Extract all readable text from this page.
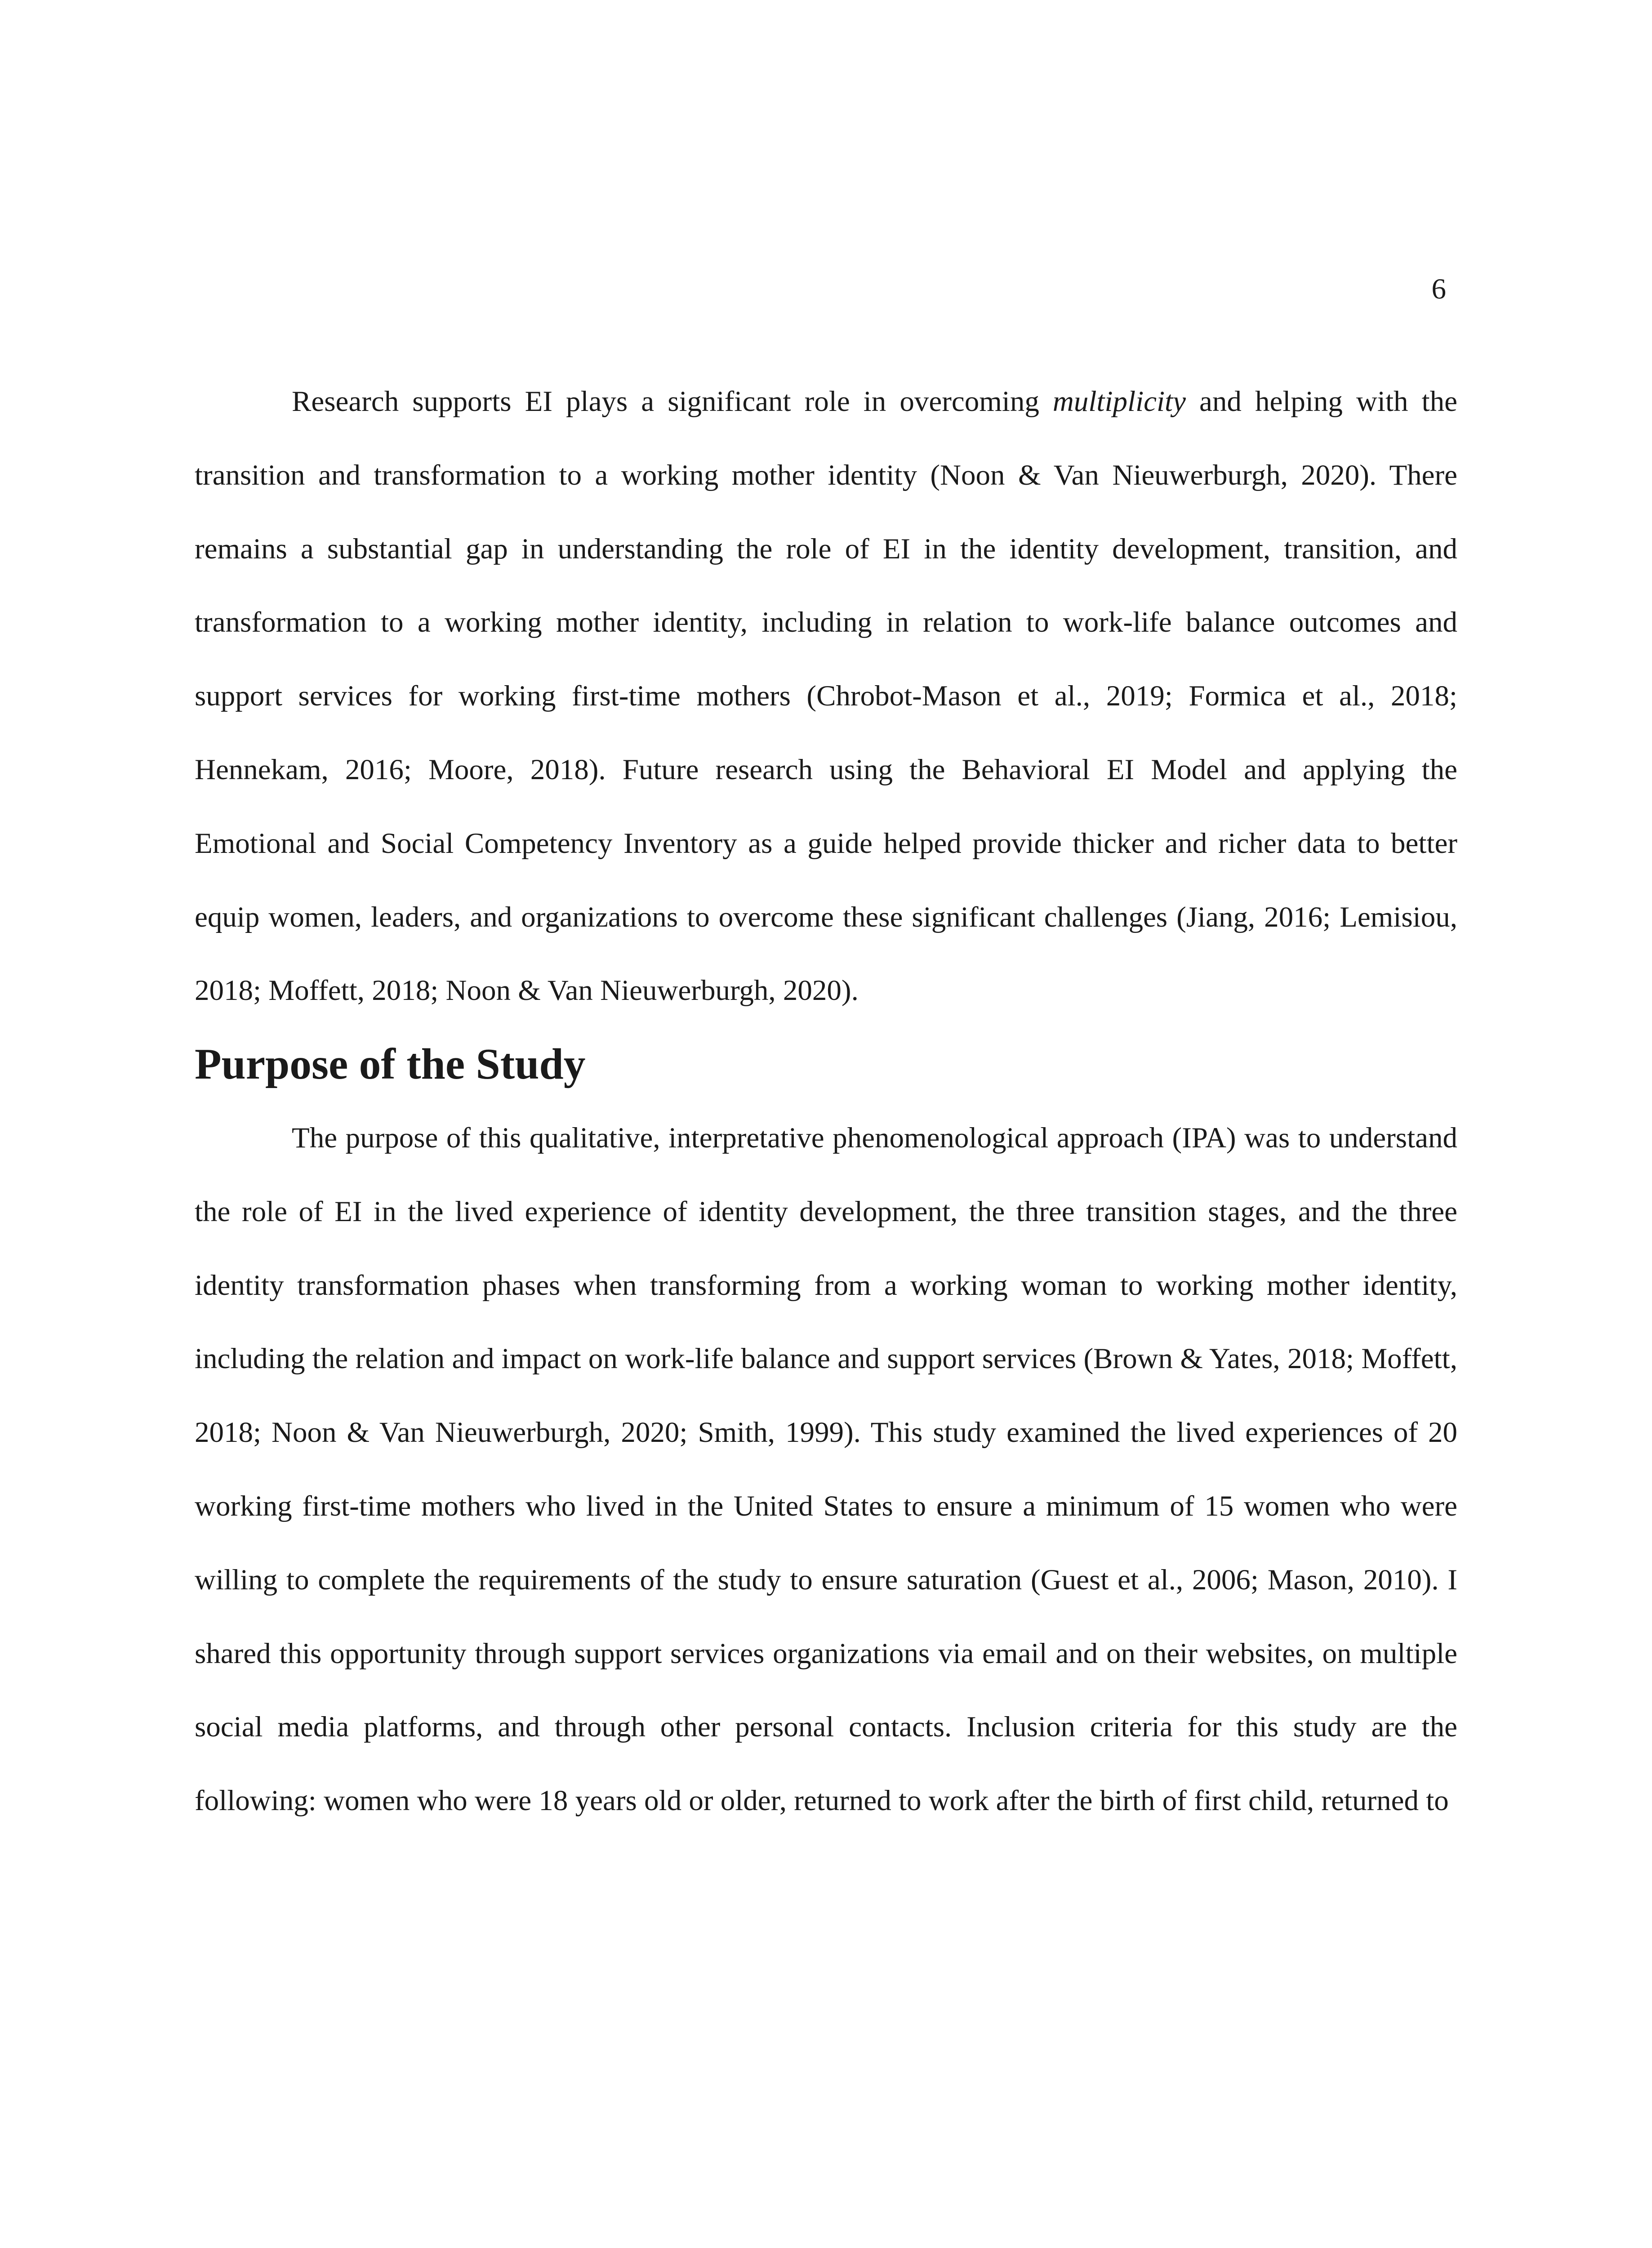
6

Research supports EI plays a significant role in overcoming multiplicity and helping with the transition and transformation to a working mother identity (Noon & Van Nieuwerburgh, 2020). There remains a substantial gap in understanding the role of EI in the identity development, transition, and transformation to a working mother identity, including in relation to work-life balance outcomes and support services for working first-time mothers (Chrobot-Mason et al., 2019; Formica et al., 2018; Hennekam, 2016; Moore, 2018). Future research using the Behavioral EI Model and applying the Emotional and Social Competency Inventory as a guide helped provide thicker and richer data to better equip women, leaders, and organizations to overcome these significant challenges (Jiang, 2016; Lemisiou, 2018; Moffett, 2018; Noon & Van Nieuwerburgh, 2020).

Purpose of the Study

The purpose of this qualitative, interpretative phenomenological approach (IPA) was to understand the role of EI in the lived experience of identity development, the three transition stages, and the three identity transformation phases when transforming from a working woman to working mother identity, including the relation and impact on work-life balance and support services (Brown & Yates, 2018; Moffett, 2018; Noon & Van Nieuwerburgh, 2020; Smith, 1999). This study examined the lived experiences of 20 working first-time mothers who lived in the United States to ensure a minimum of 15 women who were willing to complete the requirements of the study to ensure saturation (Guest et al., 2006; Mason, 2010). I shared this opportunity through support services organizations via email and on their websites, on multiple social media platforms, and through other personal contacts. Inclusion criteria for this study are the following: women who were 18 years old or older, returned to work after the birth of first child, returned to
